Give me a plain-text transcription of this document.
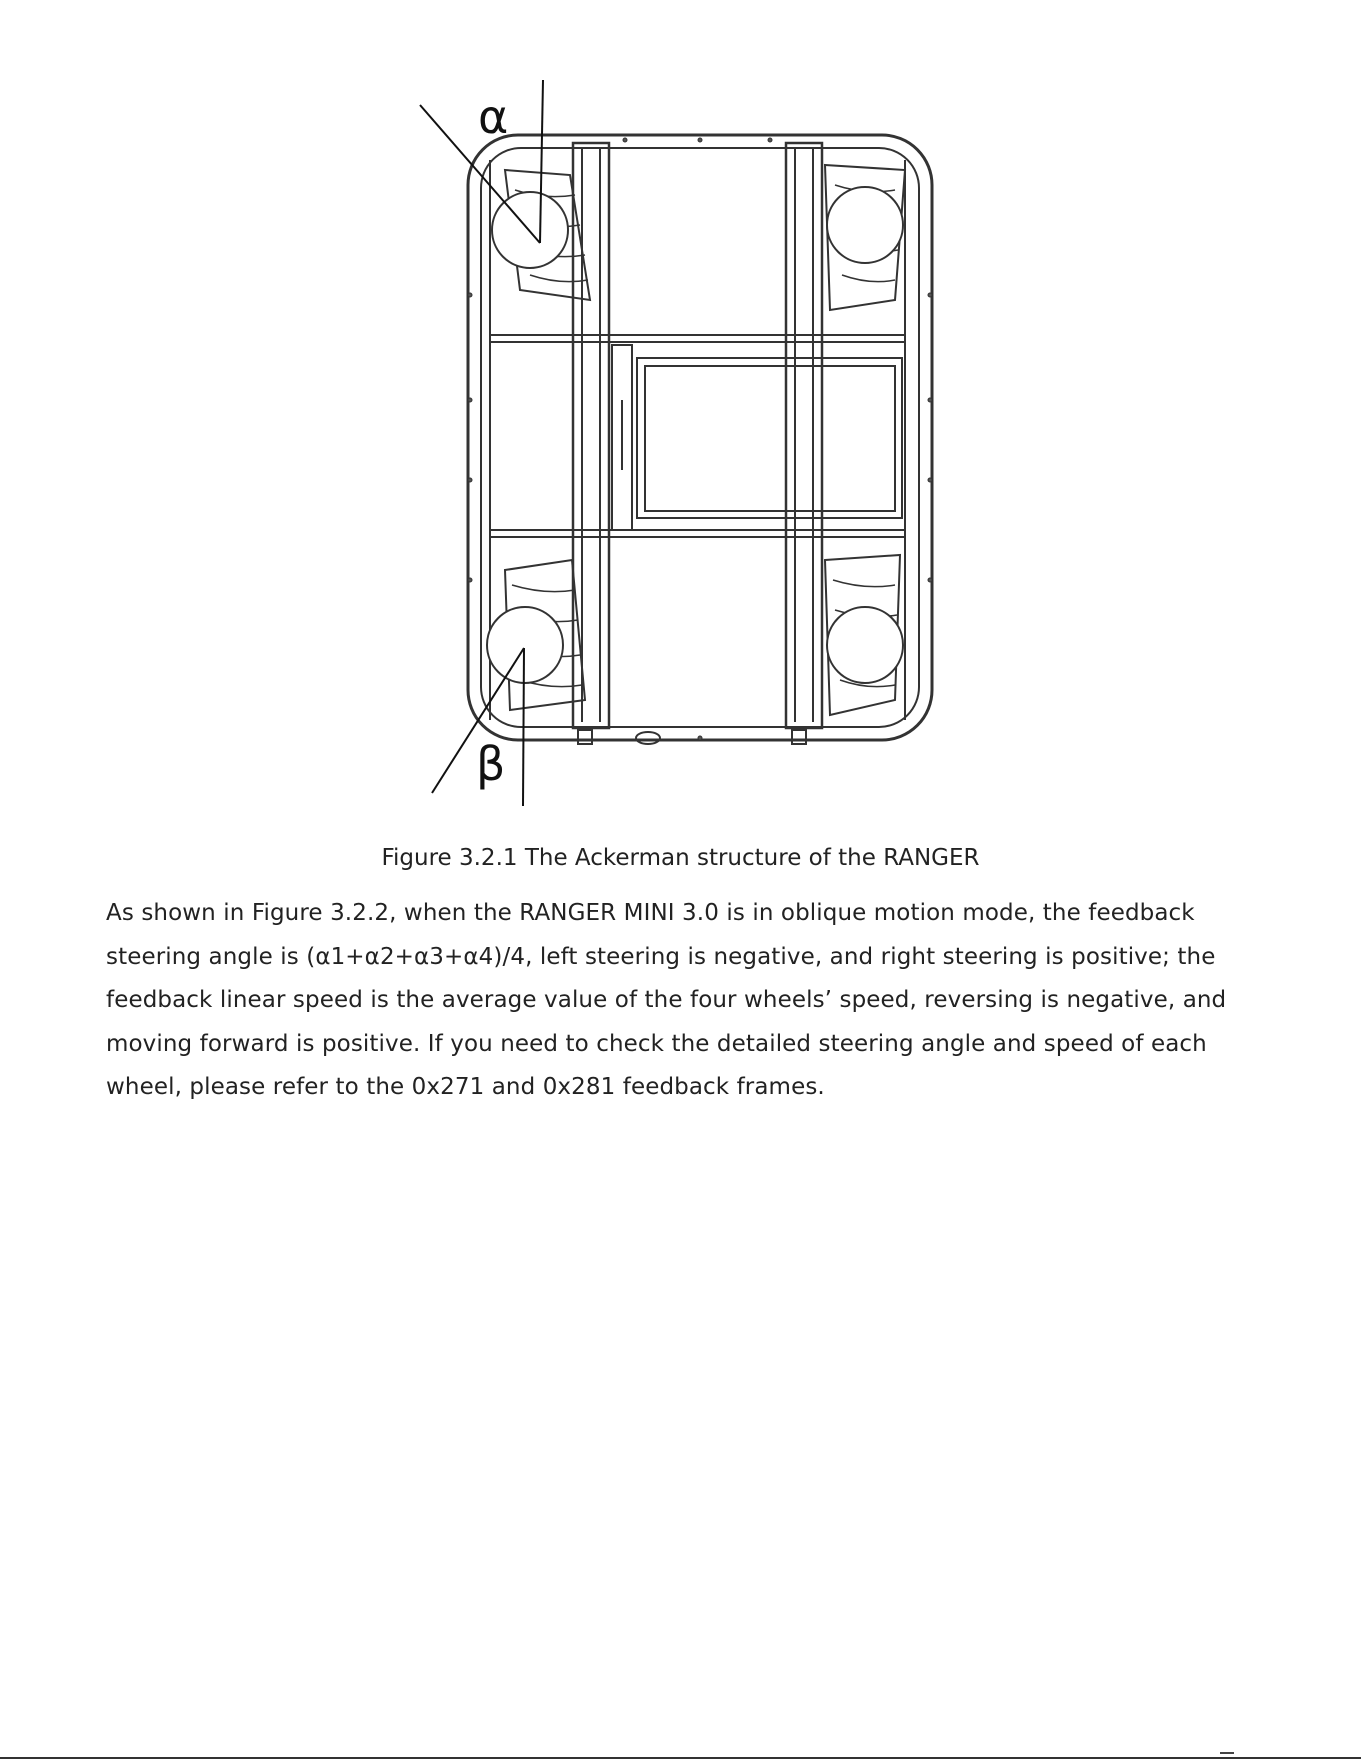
α
β
Figure 3.2.1 The Ackerman structure of the RANGER
As shown in Figure 3.2.2, when the RANGER MINI 3.0 is in oblique motion mode, the feedback
steering angle is (α1+α2+α3+α4)/4, left steering is negative, and right steering is positive; the
feedback linear speed is the average value of the four wheels’ speed, reversing is negative, and
moving forward is positive. If you need to check the detailed steering angle and speed of each
wheel, please refer to the 0x271 and 0x281 feedback frames.
